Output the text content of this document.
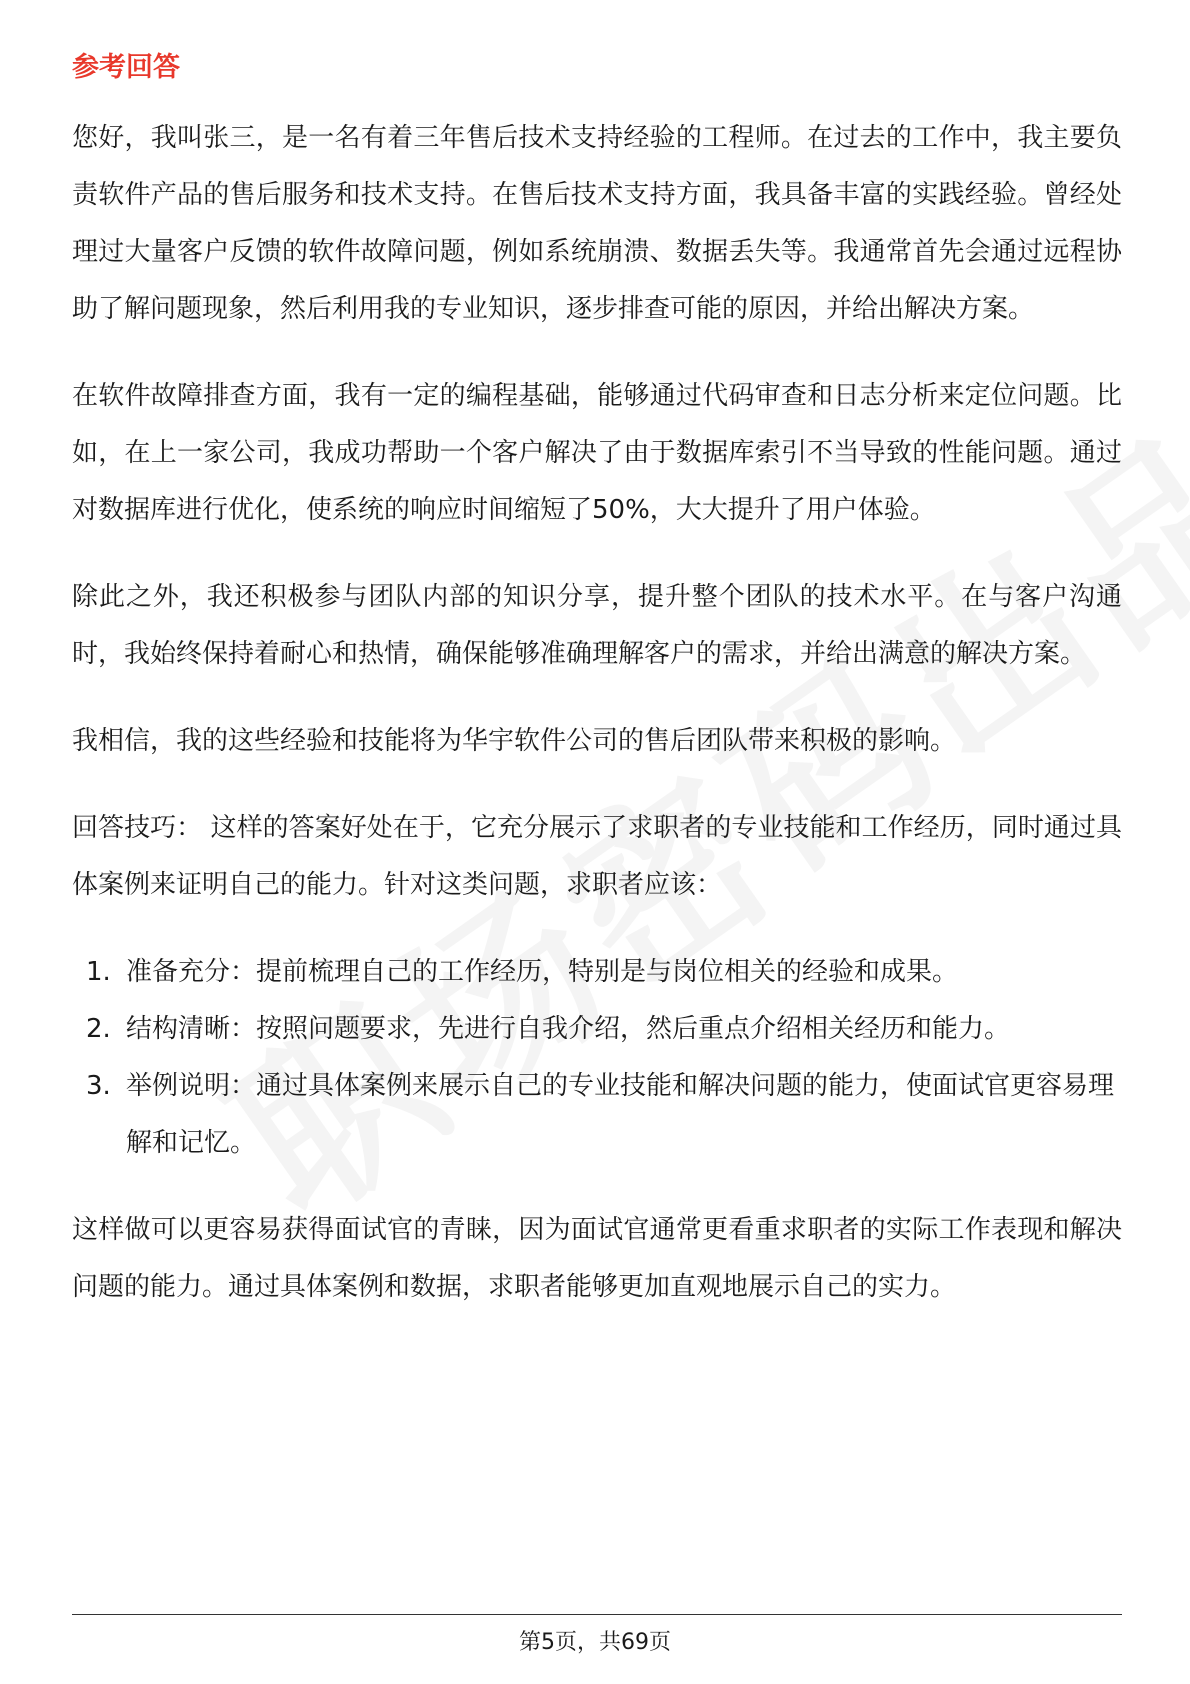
参考回答

您好，我叫张三，是一名有着三年售后技术支持经验的工程师。在过去的工作中，我主要负责软件产品的售后服务和技术支持。在售后技术支持方面，我具备丰富的实践经验。曾经处理过大量客户反馈的软件故障问题，例如系统崩溃、数据丢失等。我通常首先会通过远程协助了解问题现象，然后利用我的专业知识，逐步排查可能的原因，并给出解决方案。

在软件故障排查方面，我有一定的编程基础，能够通过代码审查和日志分析来定位问题。比如，在上一家公司，我成功帮助一个客户解决了由于数据库索引不当导致的性能问题。通过对数据库进行优化，使系统的响应时间缩短了50%，大大提升了用户体验。

除此之外，我还积极参与团队内部的知识分享，提升整个团队的技术水平。在与客户沟通时，我始终保持着耐心和热情，确保能够准确理解客户的需求，并给出满意的解决方案。

我相信，我的这些经验和技能将为华宇软件公司的售后团队带来积极的影响。

回答技巧： 这样的答案好处在于，它充分展示了求职者的专业技能和工作经历，同时通过具体案例来证明自己的能力。针对这类问题，求职者应该：

1. 准备充分：提前梳理自己的工作经历，特别是与岗位相关的经验和成果。
2. 结构清晰：按照问题要求，先进行自我介绍，然后重点介绍相关经历和能力。
3. 举例说明：通过具体案例来展示自己的专业技能和解决问题的能力，使面试官更容易理解和记忆。

这样做可以更容易获得面试官的青睐，因为面试官通常更看重求职者的实际工作表现和解决问题的能力。通过具体案例和数据，求职者能够更加直观地展示自己的实力。

第5页，共69页
